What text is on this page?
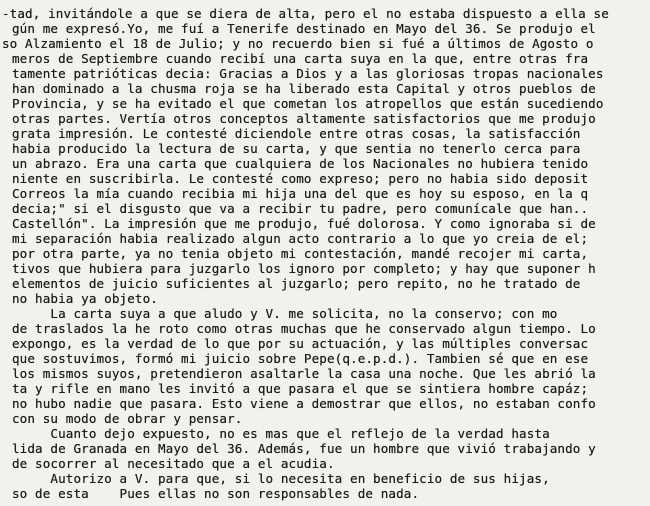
-tad, invitándole a que se diera de alta, pero el no estaba dispuesto a ella se
gún me expresó.Yo, me fuí a Tenerife destinado en Mayo del 36. Se produjo el
so Alzamiento el 18 de Julio; y no recuerdo bien si fué a últimos de Agosto o
meros de Septiembre cuando recibí una carta suya en la que, entre otras fra
tamente patrióticas decia: Gracias a Dios y a las gloriosas tropas nacionales
han dominado a la chusma roja se ha liberado esta Capital y otros pueblos de
Provincia, y se ha evitado el que cometan los atropellos que están sucediendo
otras partes. Vertía otros conceptos altamente satisfactorios que me produjo
grata impresión. Le contesté diciendole entre otras cosas, la satisfacción
habia producido la lectura de su carta, y que sentia no tenerlo cerca para
un abrazo. Era una carta que cualquiera de los Nacionales no hubiera tenido
niente en suscribirla. Le contesté como expreso; pero no habia sido deposit
Correos la mía cuando recibia mi hija una del que es hoy su esposo, en la q
decia;" si el disgusto que va a recibir tu padre, pero comunícale que han..
Castellón". La impresión que me produjo, fué dolorosa. Y como ignoraba si de
mi separación habia realizado algun acto contrario a lo que yo creia de el;
por otra parte, ya no tenia objeto mi contestación, mandé recojer mi carta,
tivos que hubiera para juzgarlo los ignoro por completo; y hay que suponer h
elementos de juicio suficientes al juzgarlo; pero repito, no he tratado de
no habia ya objeto.
La carta suya a que aludo y V. me solicita, no la conservo; con mo
de traslados la he roto como otras muchas que he conservado algun tiempo. Lo
expongo, es la verdad de lo que por su actuación, y las múltiples conversac
que sostuvimos, formó mi juicio sobre Pepe(q.e.p.d.). Tambien sé que en ese
los mismos suyos, pretendieron asaltarle la casa una noche. Que les abrió la
ta y rifle en mano les invitó a que pasara el que se sintiera hombre capáz;
no hubo nadie que pasara. Esto viene a demostrar que ellos, no estaban confo
con su modo de obrar y pensar.
Cuanto dejo expuesto, no es mas que el reflejo de la verdad hasta
lida de Granada en Mayo del 36. Además, fue un hombre que vivió trabajando y
de socorrer al necesitado que a el acudia.
Autorizo a V. para que, si lo necesita en beneficio de sus hijas,
so de esta    Pues ellas no son responsables de nada.
